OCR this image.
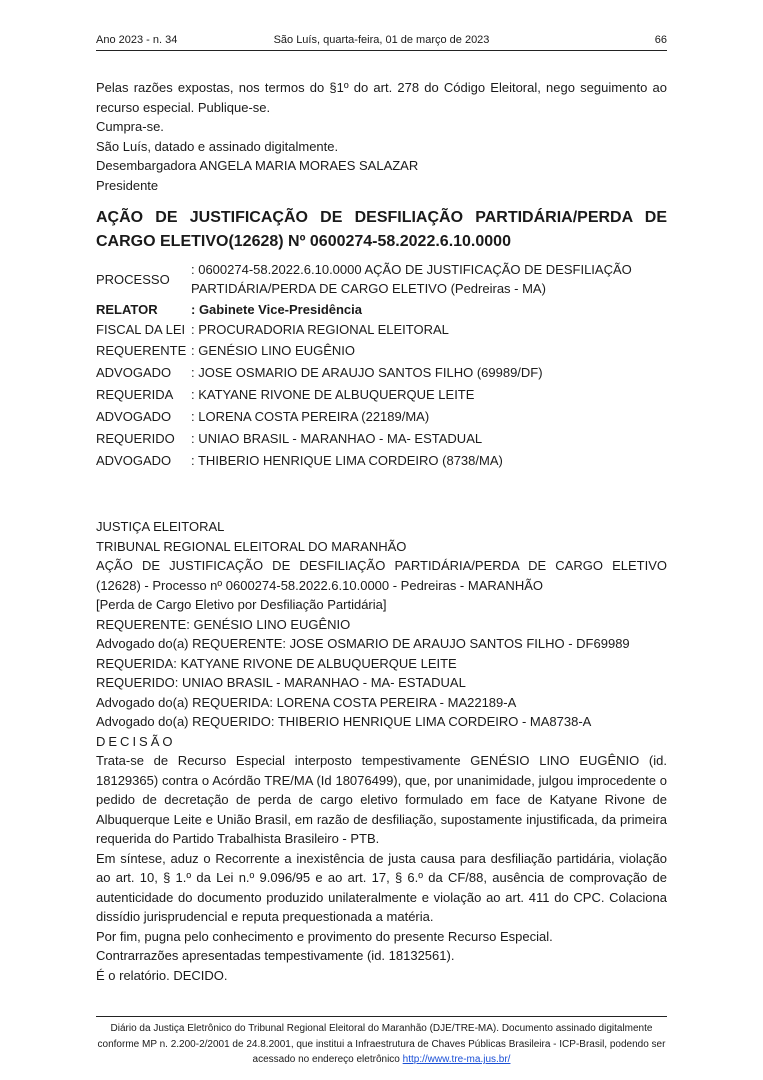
Ano 2023 - n. 34	São Luís, quarta-feira, 01 de março de 2023	66

Pelas razões expostas, nos termos do §1º do art. 278 do Código Eleitoral, nego seguimento ao recurso especial. Publique-se.

Cumpra-se.

São Luís, datado e assinado digitalmente.

Desembargadora ANGELA MARIA MORAES SALAZAR

Presidente

AÇÃO DE JUSTIFICAÇÃO DE DESFILIAÇÃO PARTIDÁRIA/PERDA DE CARGO ELETIVO(12628) Nº 0600274-58.2022.6.10.0000
PROCESSO	: 0600274-58.2022.6.10.0000 AÇÃO DE JUSTIFICAÇÃO DE DESFILIAÇÃO PARTIDÁRIA/PERDA DE CARGO ELETIVO (Pedreiras - MA)
RELATOR	: Gabinete Vice-Presidência
FISCAL DA LEI	: PROCURADORIA REGIONAL ELEITORAL
REQUERENTE	: GENÉSIO LINO EUGÊNIO
ADVOGADO	: JOSE OSMARIO DE ARAUJO SANTOS FILHO (69989/DF)
REQUERIDA	: KATYANE RIVONE DE ALBUQUERQUE LEITE
ADVOGADO	: LORENA COSTA PEREIRA (22189/MA)
REQUERIDO	: UNIAO BRASIL - MARANHAO - MA- ESTADUAL
ADVOGADO	: THIBERIO HENRIQUE LIMA CORDEIRO (8738/MA)

JUSTIÇA ELEITORAL

TRIBUNAL REGIONAL ELEITORAL DO MARANHÃO

AÇÃO DE JUSTIFICAÇÃO DE DESFILIAÇÃO PARTIDÁRIA/PERDA DE CARGO ELETIVO (12628) - Processo nº 0600274-58.2022.6.10.0000 - Pedreiras - MARANHÃO

[Perda de Cargo Eletivo por Desfiliação Partidária]

REQUERENTE: GENÉSIO LINO EUGÊNIO

Advogado do(a) REQUERENTE: JOSE OSMARIO DE ARAUJO SANTOS FILHO - DF69989

REQUERIDA: KATYANE RIVONE DE ALBUQUERQUE LEITE

REQUERIDO: UNIAO BRASIL - MARANHAO - MA- ESTADUAL

Advogado do(a) REQUERIDA: LORENA COSTA PEREIRA - MA22189-A

Advogado do(a) REQUERIDO: THIBERIO HENRIQUE LIMA CORDEIRO - MA8738-A

DECISÃO

Trata-se de Recurso Especial interposto tempestivamente GENÉSIO LINO EUGÊNIO (id. 18129365) contra o Acórdão TRE/MA (Id 18076499), que, por unanimidade, julgou improcedente o pedido de decretação de perda de cargo eletivo formulado em face de Katyane Rivone de Albuquerque Leite e União Brasil, em razão de desfiliação, supostamente injustificada, da primeira requerida do Partido Trabalhista Brasileiro - PTB.

Em síntese, aduz o Recorrente a inexistência de justa causa para desfiliação partidária, violação ao art. 10, § 1.º da Lei n.º 9.096/95 e ao art. 17, § 6.º da CF/88, ausência de comprovação de autenticidade do documento produzido unilateralmente e violação ao art. 411 do CPC. Colaciona dissídio jurisprudencial e reputa prequestionada a matéria.

Por fim, pugna pelo conhecimento e provimento do presente Recurso Especial.

Contrarrazões apresentadas tempestivamente (id. 18132561).

É o relatório. DECIDO.

Diário da Justiça Eletrônico do Tribunal Regional Eleitoral do Maranhão (DJE/TRE-MA). Documento assinado digitalmente conforme MP n. 2.200-2/2001 de 24.8.2001, que institui a Infraestrutura de Chaves Públicas Brasileira - ICP-Brasil, podendo ser acessado no endereço eletrônico http://www.tre-ma.jus.br/
